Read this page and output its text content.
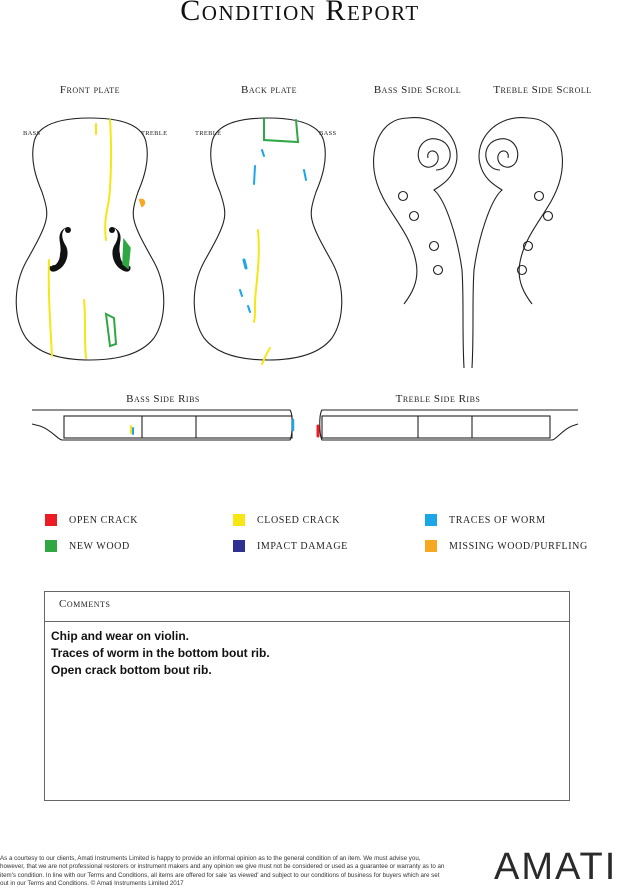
Condition Report
Front plate	Back plate	Bass Side Scroll	Treble Side Scroll
Bass Side Ribs	Treble Side Ribs
BASS	TREBLE	TREBLE	BASS
OPEN CRACK	CLOSED CRACK	TRACES OF WORM
NEW WOOD	IMPACT DAMAGE	MISSING WOOD/PURFLING
Comments
Chip and wear on violin.
Traces of worm in the bottom bout rib.
Open crack bottom bout rib.
As a courtesy to our clients, Amati Instruments Limited is happy to provide an informal opinion as to the general condition of an item. We must advise you, however, that we are not professional restorers or instrument makers and any opinion we give must not be considered or used as a guarantee or warranty as to an item's condition. In line with our Terms and Conditions, all items are offered for sale 'as viewed' and subject to our conditions of business for buyers which are set out in our Terms and Conditions. © Amati Instruments Limited 2017	AMATI
